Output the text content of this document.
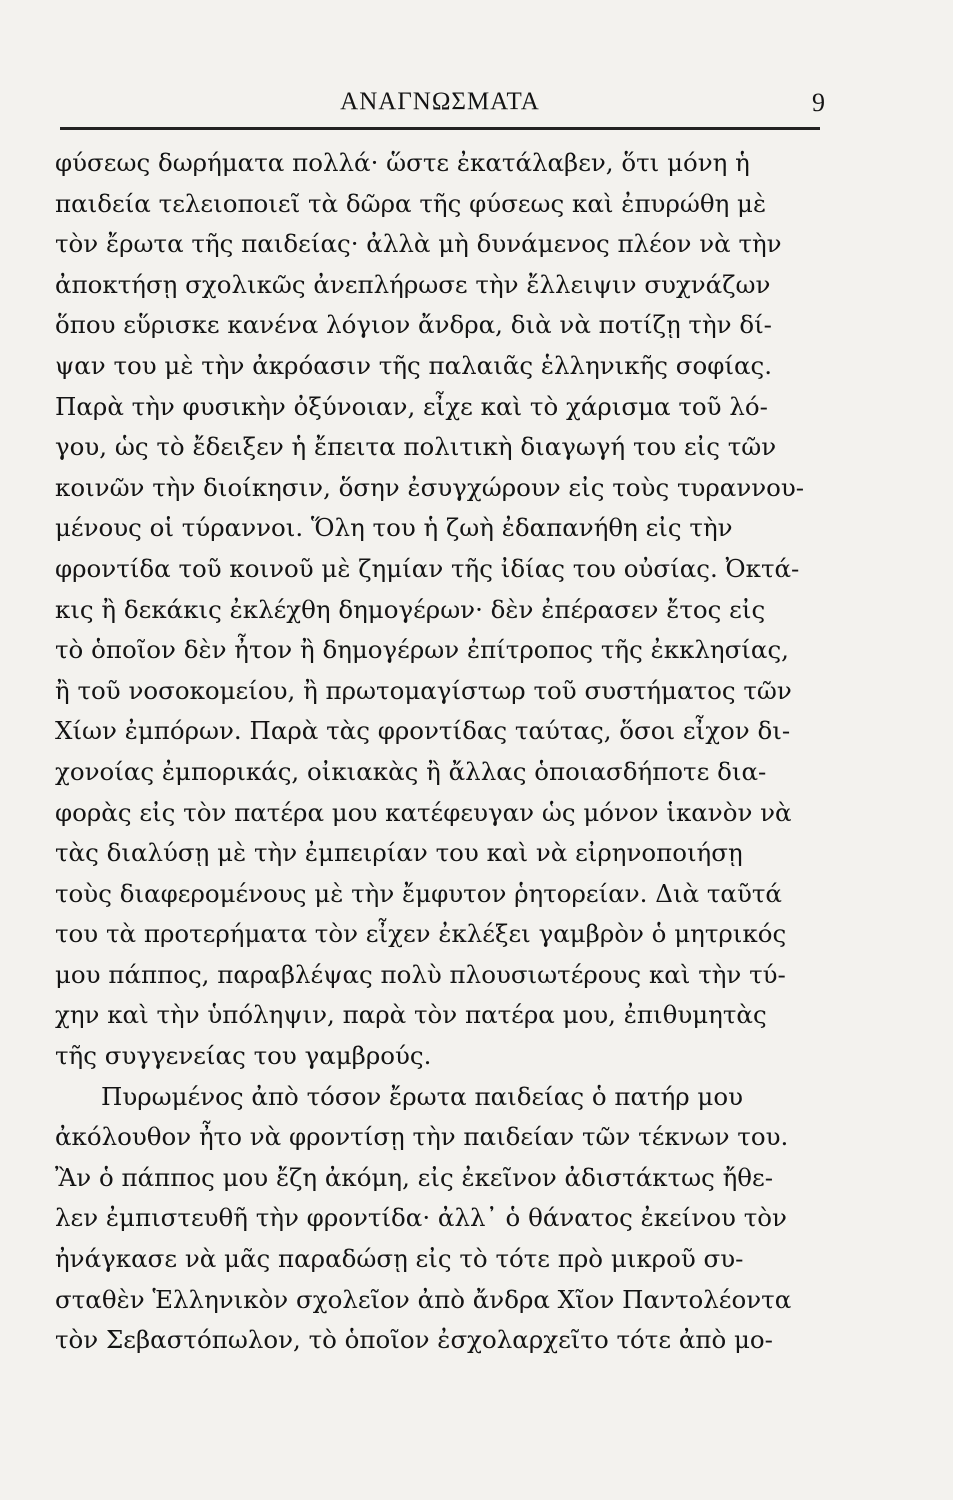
ΑΝΑΓΝΩΣΜΑΤΑ	9
φύσεως δωρήματα πολλά· ὥστε ἐκατάλαβεν, ὅτι μόνη ἡ
παιδεία τελειοποιεῖ τὰ δῶρα τῆς φύσεως καὶ ἐπυρώθη μὲ
τὸν ἔρωτα τῆς παιδείας· ἀλλὰ μὴ δυνάμενος πλέον νὰ τὴν
ἀποκτήσῃ σχολικῶς ἀνεπλήρωσε τὴν ἔλλειψιν συχνάζων
ὅπου εὕρισκε κανένα λόγιον ἄνδρα, διὰ νὰ ποτίζῃ τὴν δί-
ψαν του μὲ τὴν ἀκρόασιν τῆς παλαιᾶς ἑλληνικῆς σοφίας.
Παρὰ τὴν φυσικὴν ὀξύνοιαν, εἶχε καὶ τὸ χάρισμα τοῦ λό-
γου, ὡς τὸ ἔδειξεν ἡ ἔπειτα πολιτικὴ διαγωγή του εἰς τῶν
κοινῶν τὴν διοίκησιν, ὅσην ἐσυγχώρουν εἰς τοὺς τυραννου-
μένους οἱ τύραννοι. Ὅλη του ἡ ζωὴ ἐδαπανήθη εἰς τὴν
φροντίδα τοῦ κοινοῦ μὲ ζημίαν τῆς ἰδίας του οὐσίας. Ὀκτά-
κις ἢ δεκάκις ἐκλέχθη δημογέρων· δὲν ἐπέρασεν ἔτος εἰς
τὸ ὁποῖον δὲν ἦτον ἢ δημογέρων ἐπίτροπος τῆς ἐκκλησίας,
ἢ τοῦ νοσοκομείου, ἢ πρωτομαγίστωρ τοῦ συστήματος τῶν
Χίων ἐμπόρων. Παρὰ τὰς φροντίδας ταύτας, ὅσοι εἶχον δι-
χονοίας ἐμπορικάς, οἰκιακὰς ἢ ἄλλας ὁποιασδήποτε δια-
φορὰς εἰς τὸν πατέρα μου κατέφευγαν ὡς μόνον ἱκανὸν νὰ
τὰς διαλύσῃ μὲ τὴν ἐμπειρίαν του καὶ νὰ εἰρηνοποιήσῃ
τοὺς διαφερομένους μὲ τὴν ἔμφυτον ῥητορείαν. Διὰ ταῦτά
του τὰ προτερήματα τὸν εἶχεν ἐκλέξει γαμβρὸν ὁ μητρικός
μου πάππος, παραβλέψας πολὺ πλουσιωτέρους καὶ τὴν τύ-
χην καὶ τὴν ὑπόληψιν, παρὰ τὸν πατέρα μου, ἐπιθυμητὰς
τῆς συγγενείας του γαμβρούς.
Πυρωμένος ἀπὸ τόσον ἔρωτα παιδείας ὁ πατήρ μου
ἀκόλουθον ἦτο νὰ φροντίσῃ τὴν παιδείαν τῶν τέκνων του.
Ἂν ὁ πάππος μου ἔζη ἀκόμη, εἰς ἐκεῖνον ἀδιστάκτως ἤθε-
λεν ἐμπιστευθῆ τὴν φροντίδα· ἀλλ᾽ ὁ θάνατος ἐκείνου τὸν
ἠνάγκασε νὰ μᾶς παραδώσῃ εἰς τὸ τότε πρὸ μικροῦ συ-
σταθὲν Ἑλληνικὸν σχολεῖον ἀπὸ ἄνδρα Χῖον Παντολέοντα
τὸν Σεβαστόπωλον, τὸ ὁποῖον ἐσχολαρχεῖτο τότε ἀπὸ μο-
